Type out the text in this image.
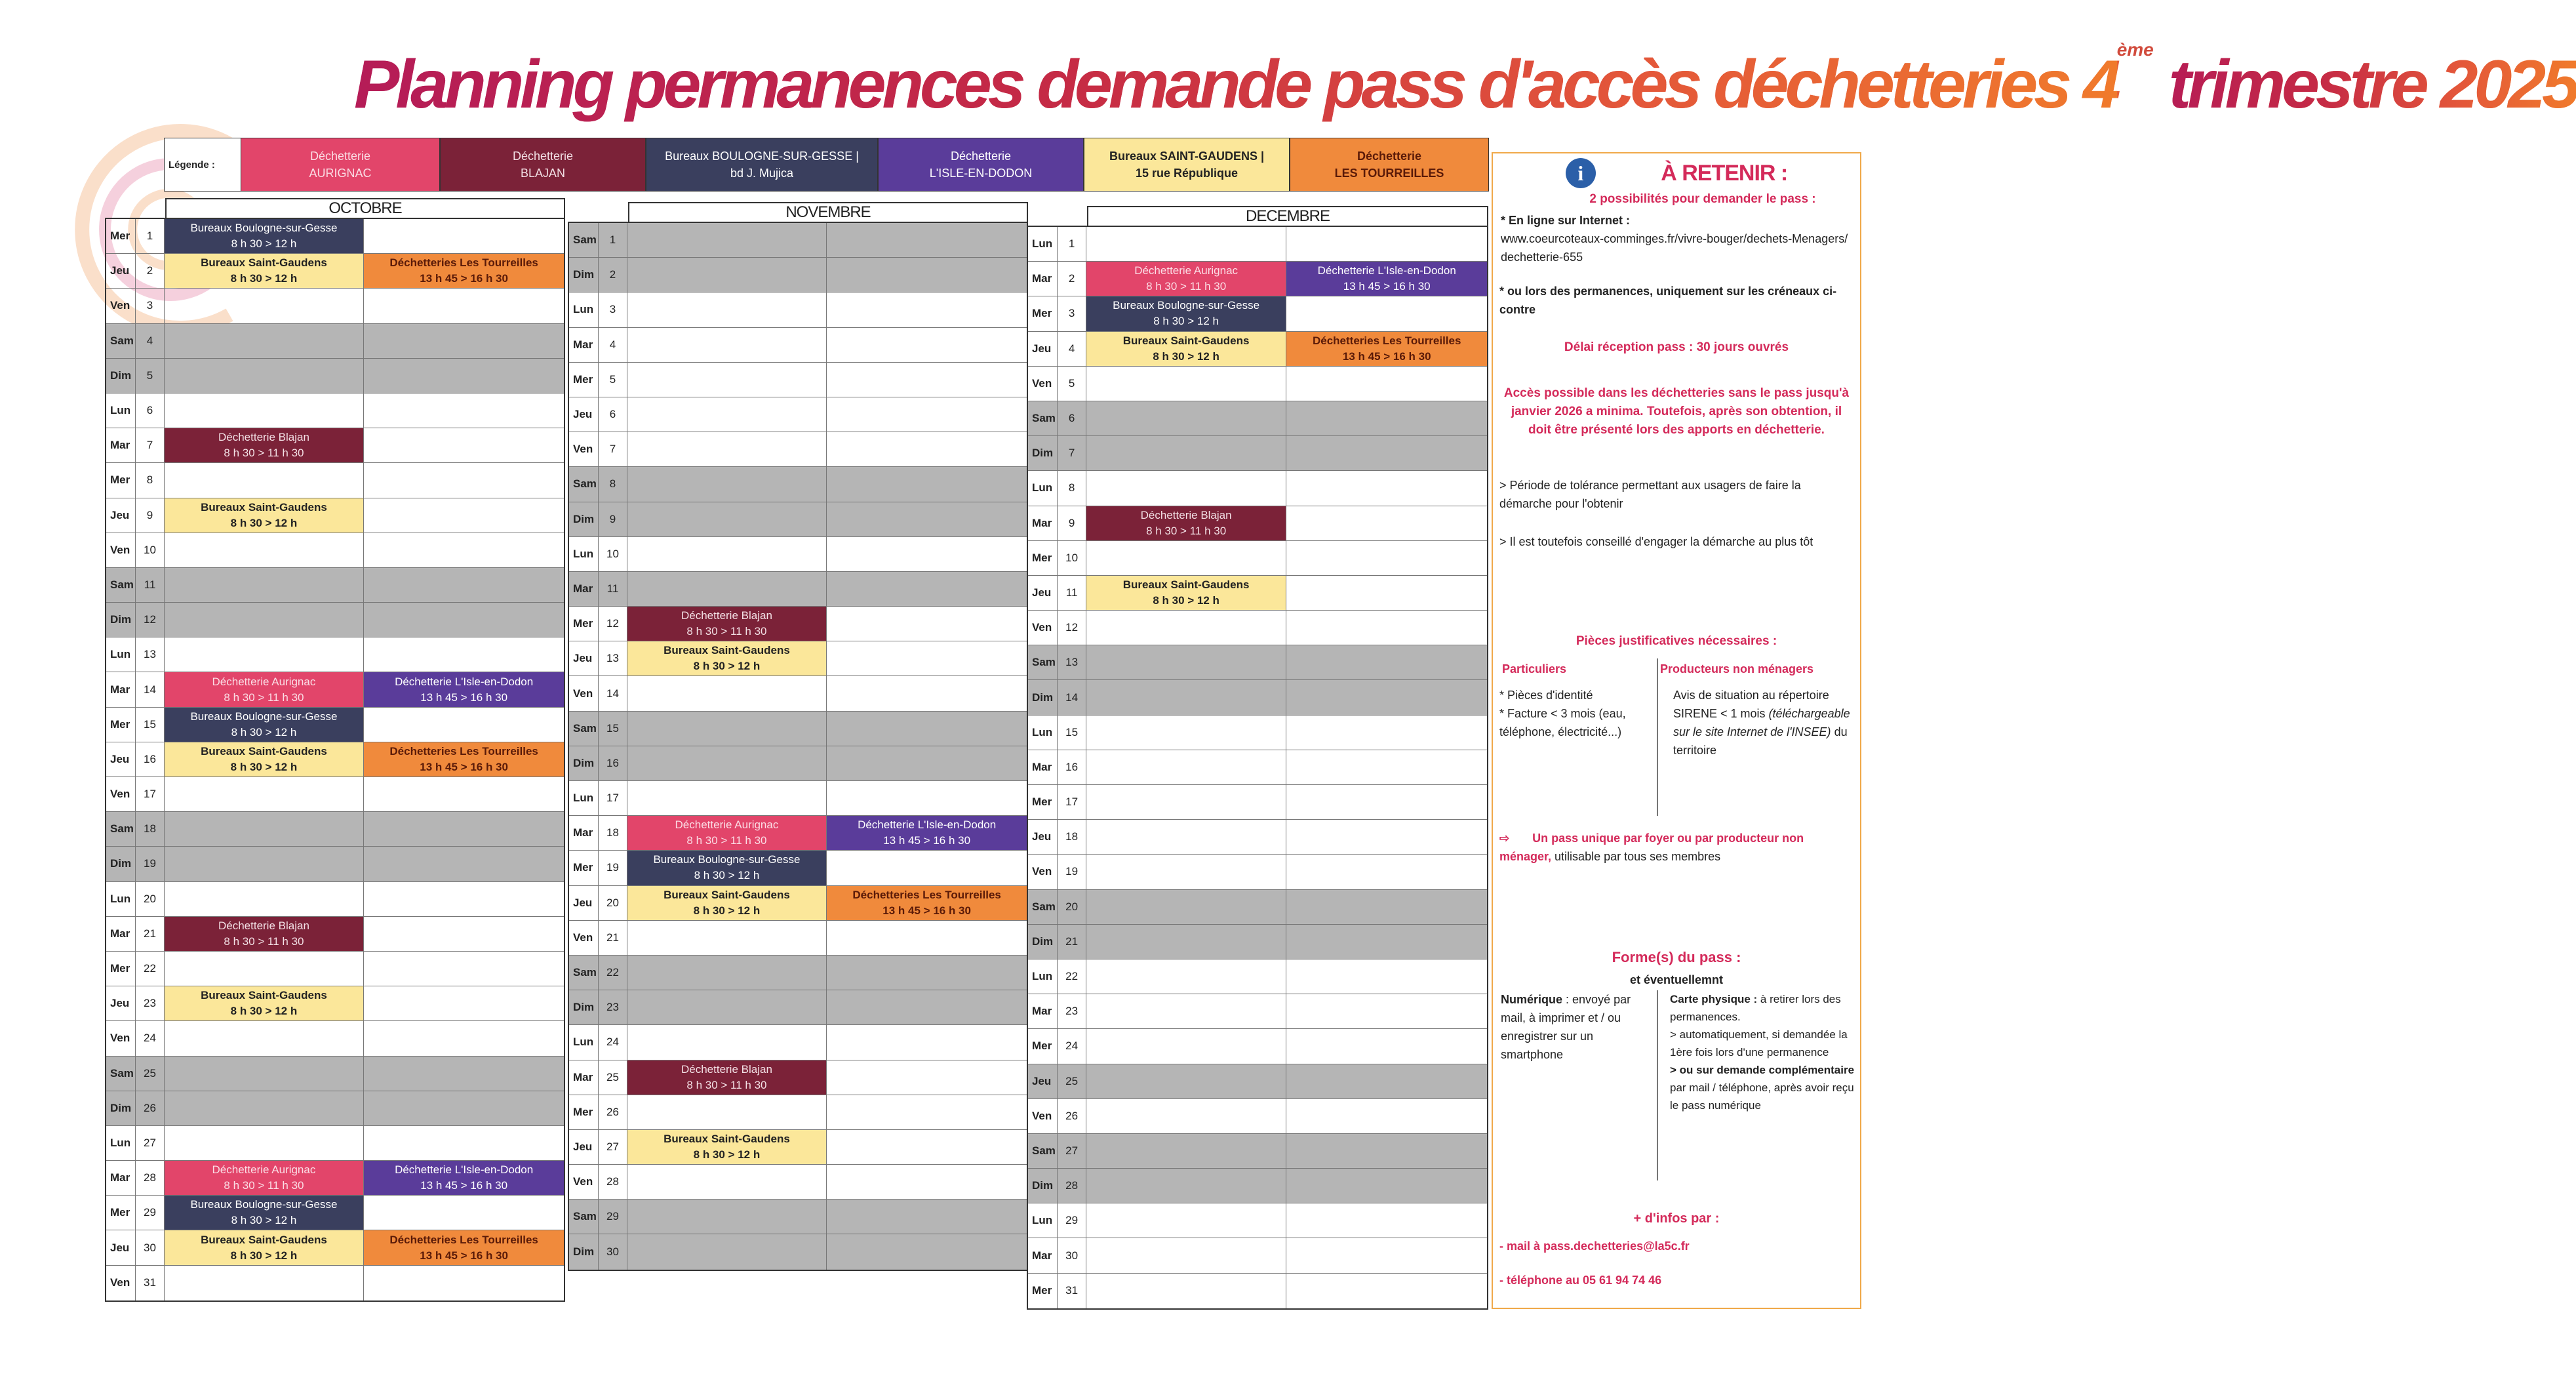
Planning permanences demande pass d'accès déchetteries 4ème trimestre 2025
Légende :
Déchetterie
AURIGNAC
Déchetterie
BLAJAN
Bureaux BOULOGNE-SUR-GESSE |
bd J. Mujica
Déchetterie
L'ISLE-EN-DODON
Bureaux SAINT-GAUDENS |
15 rue République
Déchetterie
LES TOURREILLES
OCTOBRE
Mer	1
Bureaux Boulogne-sur-Gesse
8 h 30 > 12 h
Jeu	2
Bureaux Saint-Gaudens
8 h 30 > 12 h
Déchetteries Les Tourreilles
13 h 45 > 16 h 30
Ven	3
Sam	4
Dim	5
Lun	6
Mar	7
Déchetterie Blajan
8 h 30 > 11 h 30
Mer	8
Jeu	9
Bureaux Saint-Gaudens
8 h 30 > 12 h
Ven	10
Sam 11
Dim	12
Lun	13
Mar	14
Déchetterie Aurignac
8 h 30 > 11 h 30
Déchetterie L'Isle-en-Dodon
13 h 45 > 16 h 30
Mer	15
Bureaux Boulogne-sur-Gesse
8 h 30 > 12 h
Jeu	16
Bureaux Saint-Gaudens
8 h 30 > 12 h
Déchetteries Les Tourreilles
13 h 45 > 16 h 30
Ven	17
Sam 18
Dim	19
Lun	20
Mar	21
Déchetterie Blajan
8 h 30 > 11 h 30
Mer	22
Jeu	23
Bureaux Saint-Gaudens
8 h 30 > 12 h
Ven	24
Sam 25
Dim	26
Lun	27
Mar	28
Déchetterie Aurignac
8 h 30 > 11 h 30
Déchetterie L'Isle-en-Dodon
13 h 45 > 16 h 30
Mer	29
Bureaux Boulogne-sur-Gesse
8 h 30 > 12 h
Jeu	30
Bureaux Saint-Gaudens
8 h 30 > 12 h
Déchetteries Les Tourreilles
13 h 45 > 16 h 30
Ven	31
NOVEMBRE
Sam	1
Dim	2
Lun	3
Mar	4
Mer	5
Jeu	6
Ven	7
Sam	8
Dim	9
Lun	10
Mar	11
Mer	12
Déchetterie Blajan
8 h 30 > 11 h 30
Jeu	13
Bureaux Saint-Gaudens
8 h 30 > 12 h
Ven	14
Sam 15
Dim	16
Lun	17
Mar	18
Déchetterie Aurignac
8 h 30 > 11 h 30
Déchetterie L'Isle-en-Dodon
13 h 45 > 16 h 30
Mer	19
Bureaux Boulogne-sur-Gesse
8 h 30 > 12 h
Jeu	20
Bureaux Saint-Gaudens
8 h 30 > 12 h
Déchetteries Les Tourreilles
13 h 45 > 16 h 30
Ven	21
Sam 22
Dim	23
Lun	24
Mar	25
Déchetterie Blajan
8 h 30 > 11 h 30
Mer	26
Jeu	27
Bureaux Saint-Gaudens
8 h 30 > 12 h
Ven	28
Sam 29
Dim	30
DECEMBRE
Lun	1
Mar	2
Déchetterie Aurignac
8 h 30 > 11 h 30
Déchetterie L'Isle-en-Dodon
13 h 45 > 16 h 30
Mer	3
Bureaux Boulogne-sur-Gesse
8 h 30 > 12 h
Jeu	4
Bureaux Saint-Gaudens
8 h 30 > 12 h
Déchetteries Les Tourreilles
13 h 45 > 16 h 30
Ven	5
Sam	6
Dim	7
Lun	8
Mar	9
Déchetterie Blajan
8 h 30 > 11 h 30
Mer	10
Jeu	11
Bureaux Saint-Gaudens
8 h 30 > 12 h
Ven	12
Sam 13
Dim	14
Lun	15
Mar	16
Mer	17
Jeu	18
Ven	19
Sam 20
Dim	21
Lun	22
Mar	23
Mer	24
Jeu	25
Ven	26
Sam 27
Dim	28
Lun	29
Mar	30
Mer	31
i	À RETENIR :
2 possibilités pour demander le pass :
* En ligne sur Internet :
www.coeurcoteaux-comminges.fr/vivre-bouger/dechets-Menagers/dechetterie-655
* ou lors des permanences, uniquement sur les créneaux ci-contre
Délai réception pass : 30 jours ouvrés
Accès possible dans les déchetteries sans le pass jusqu'à janvier 2026 a minima. Toutefois, après son obtention, il doit être présenté lors des apports en déchetterie.
> Période de tolérance permettant aux usagers de faire la démarche pour l'obtenir
> Il est toutefois conseillé d'engager la démarche au plus tôt
Pièces justificatives nécessaires :
Particuliers	Producteurs non ménagers
* Pièces d'identité
* Facture < 3 mois (eau, téléphone, électricité...)
Avis de situation au répertoire SIRENE < 1 mois (téléchargeable sur le site Internet de l'INSEE) du territoire
⇨ Un pass unique par foyer ou par producteur non ménager, utilisable par tous ses membres
Forme(s) du pass :
et éventuellemnt
Numérique : envoyé par mail, à imprimer et / ou enregistrer sur un smartphone
Carte physique : à retirer lors des permanences.
> automatiquement, si demandée la 1ère fois lors d'une permanence
> ou sur demande complémentaire par mail / téléphone, après avoir reçu le pass numérique
+ d'infos par :
- mail à pass.dechetteries@la5c.fr
- téléphone au 05 61 94 74 46
